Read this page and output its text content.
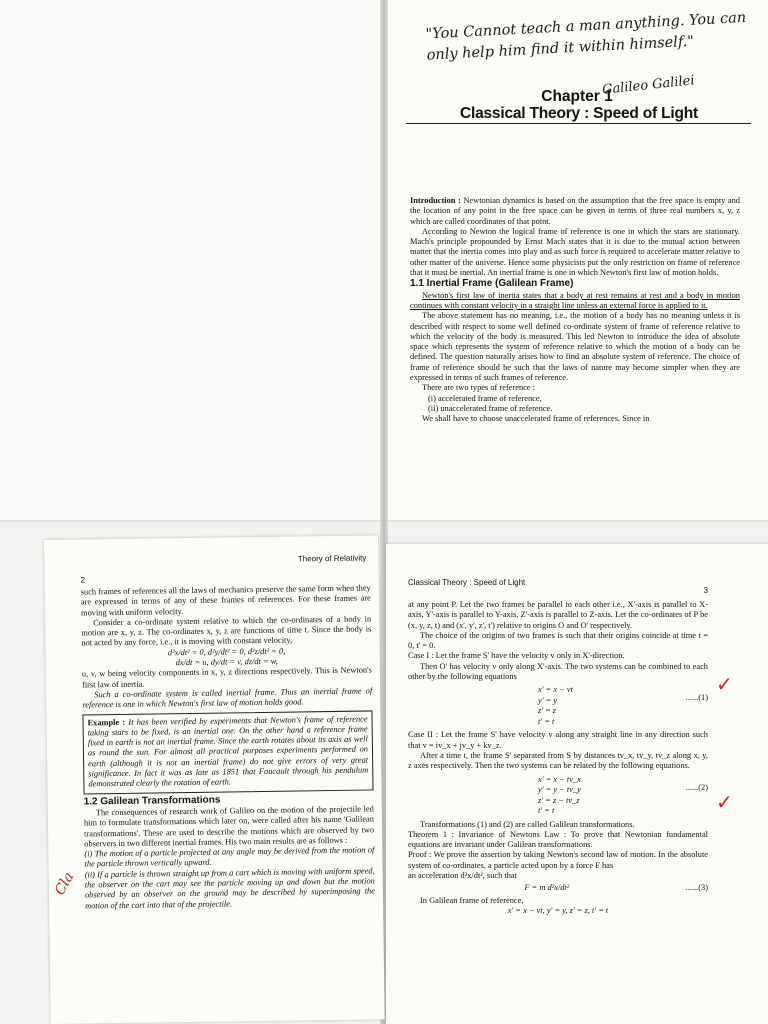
"You Cannot teach a man anything. You can only help him find it within himself."
Galileo Galilei
Chapter 1
Classical Theory : Speed of Light

Introduction : Newtonian dynamics is based on the assumption that the free space is empty and the location of any point in the free space can be given in terms of three real numbers x, y, z which are called coordinates of that point.

According to Newton the logical frame of reference is one in which the stars are stationary. Mach's principle propounded by Ernst Mach states that it is due to the mutual action between matter that the inertia comes into play and as such force is required to accelerate matter relative to other matter of the universe. Hence some physicists put the only restriction on frame of reference that it must be inertial. An inertial frame is one in which Newton's first law of motion holds.

1.1 Inertial Frame (Galilean Frame)

Newton's first law of inertia states that a body at rest remains at rest and a body in motion continues with constant velocity in a straight line unless an external force is applied to it.

The above statement has no meaning, i.e., the motion of a body has no meaning unless it is described with respect to some well defined co-ordinate system of frame of reference relative to which the velocity of the body is measured. This led Newton to introduce the idea of absolute space which represents the system of reference relative to which the motion of a body can be defined. The question naturally arises how to find an absolute system of reference. The choice of frame of reference should be such that the laws of nature may become simpler when they are expressed in terms of such frames of reference.

There are two types of reference :

(i) accelerated frame of reference,

(ii) unaccelerated frame of reference.

We shall have to choose unaccelerated frame of references. Since in

Theory of Relativity
2

such frames of references all the laws of mechanics preserve the same form when they are expressed in terms of any of these frames of references. For these frames are moving with uniform velocity.

Consider a co-ordinate system relative to which the co-ordinates of a body in motion are x, y, z. The co-ordinates x, y, z are functions of time t. Since the body is not acted by any force, i.e., it is moving with constant velocity,

d²x/dt² = 0, d²y/dt² = 0, d²z/dt² = 0,

dx/dt = u, dy/dt = v, dz/dt = w,

u, v, w being velocity components in x, y, z directions respectively. This is Newton's first law of inertia.

Such a co-ordinate system is called inertial frame. Thus an inertial frame of reference is one in which Newton's first law of motion holds good.

Example : It has been verified by experiments that Newton's frame of reference taking stars to be fixed, is an inertial one. On the other hand a reference frame fixed in earth is not an inertial frame. Since the earth rotates about its axis as well as round the sun. For almost all practical purposes experiments performed on earth (although it is not an inertial frame) do not give errors of very great significance. In fact it was as late as 1851 that Foucault through his pendulum demonstrated clearly the rotation of earth.
1.2 Galilean Transformations

The consequences of research work of Galileo on the motion of the projectile led him to formulate transformations which later on, were called after his name 'Galilean transformations'. These are used to describe the motions which are observed by two observers in two different inertial frames. His two main results are as follows :

(i) The motion of a particle projected at any angle may be derived from the motion of the particle thrown vertically upward.

(ii) If a particle is thrown straight up from a cart which is moving with uniform speed, the observer on the cart may see the particle moving up and down but the motion observed by an observer on the ground may be described by superimposing the motion of the cart into that of the projectile.

Cla
Classical Theory : Speed of Light
3

at any point P. Let the two frames be parallel to each other i.e., X'-axis is parallel to X-axis, Y'-axis is parallel to Y-axis, Z'-axis is parallel to Z-axis. Let the co-ordinates of P be (x, y, z, t) and (x', y', z', t') relative to origins O and O' respectively.

The choice of the origins of two frames is such that their origins coincide at time t = 0, t' = 0.

Case I : Let the frame S' have the velocity v only in X'-direction.

Then O' has velocity v only along X'-axis. The two systems can be combined to each other by the following equations

......(1)
x' = x − vt
y' = y
z' = z
t' = t

Case II : Let the frame S' have velocity v along any straight line in any direction such that v = iv_x + jv_y + kv_z.

After a time t, the frame S' separated from S by distances tv_x, tv_y, tv_z along x, y, z axes respectively. Then the two systems can be related by the following equations.

......(2)
x' = x − tv_x
y' = y − tv_y
z' = z − tv_z
t' = t

Transformations (1) and (2) are called Galilean transformations.

Theorem 1 : Invariance of Newtons Law : To prove that Newtonian fundamental equations are invariant under Galilean transformations.

Proof : We prove the assertion by taking Newton's second law of motion. In the absolute system of co-ordinates, a particle acted upon by a force F has

an acceleration d²x/dt², such that

F = m d²x/dt²	......(3)

In Galilean frame of reference,

x' = x − vt, y' = y, z' = z, t' = t

✓
✓
